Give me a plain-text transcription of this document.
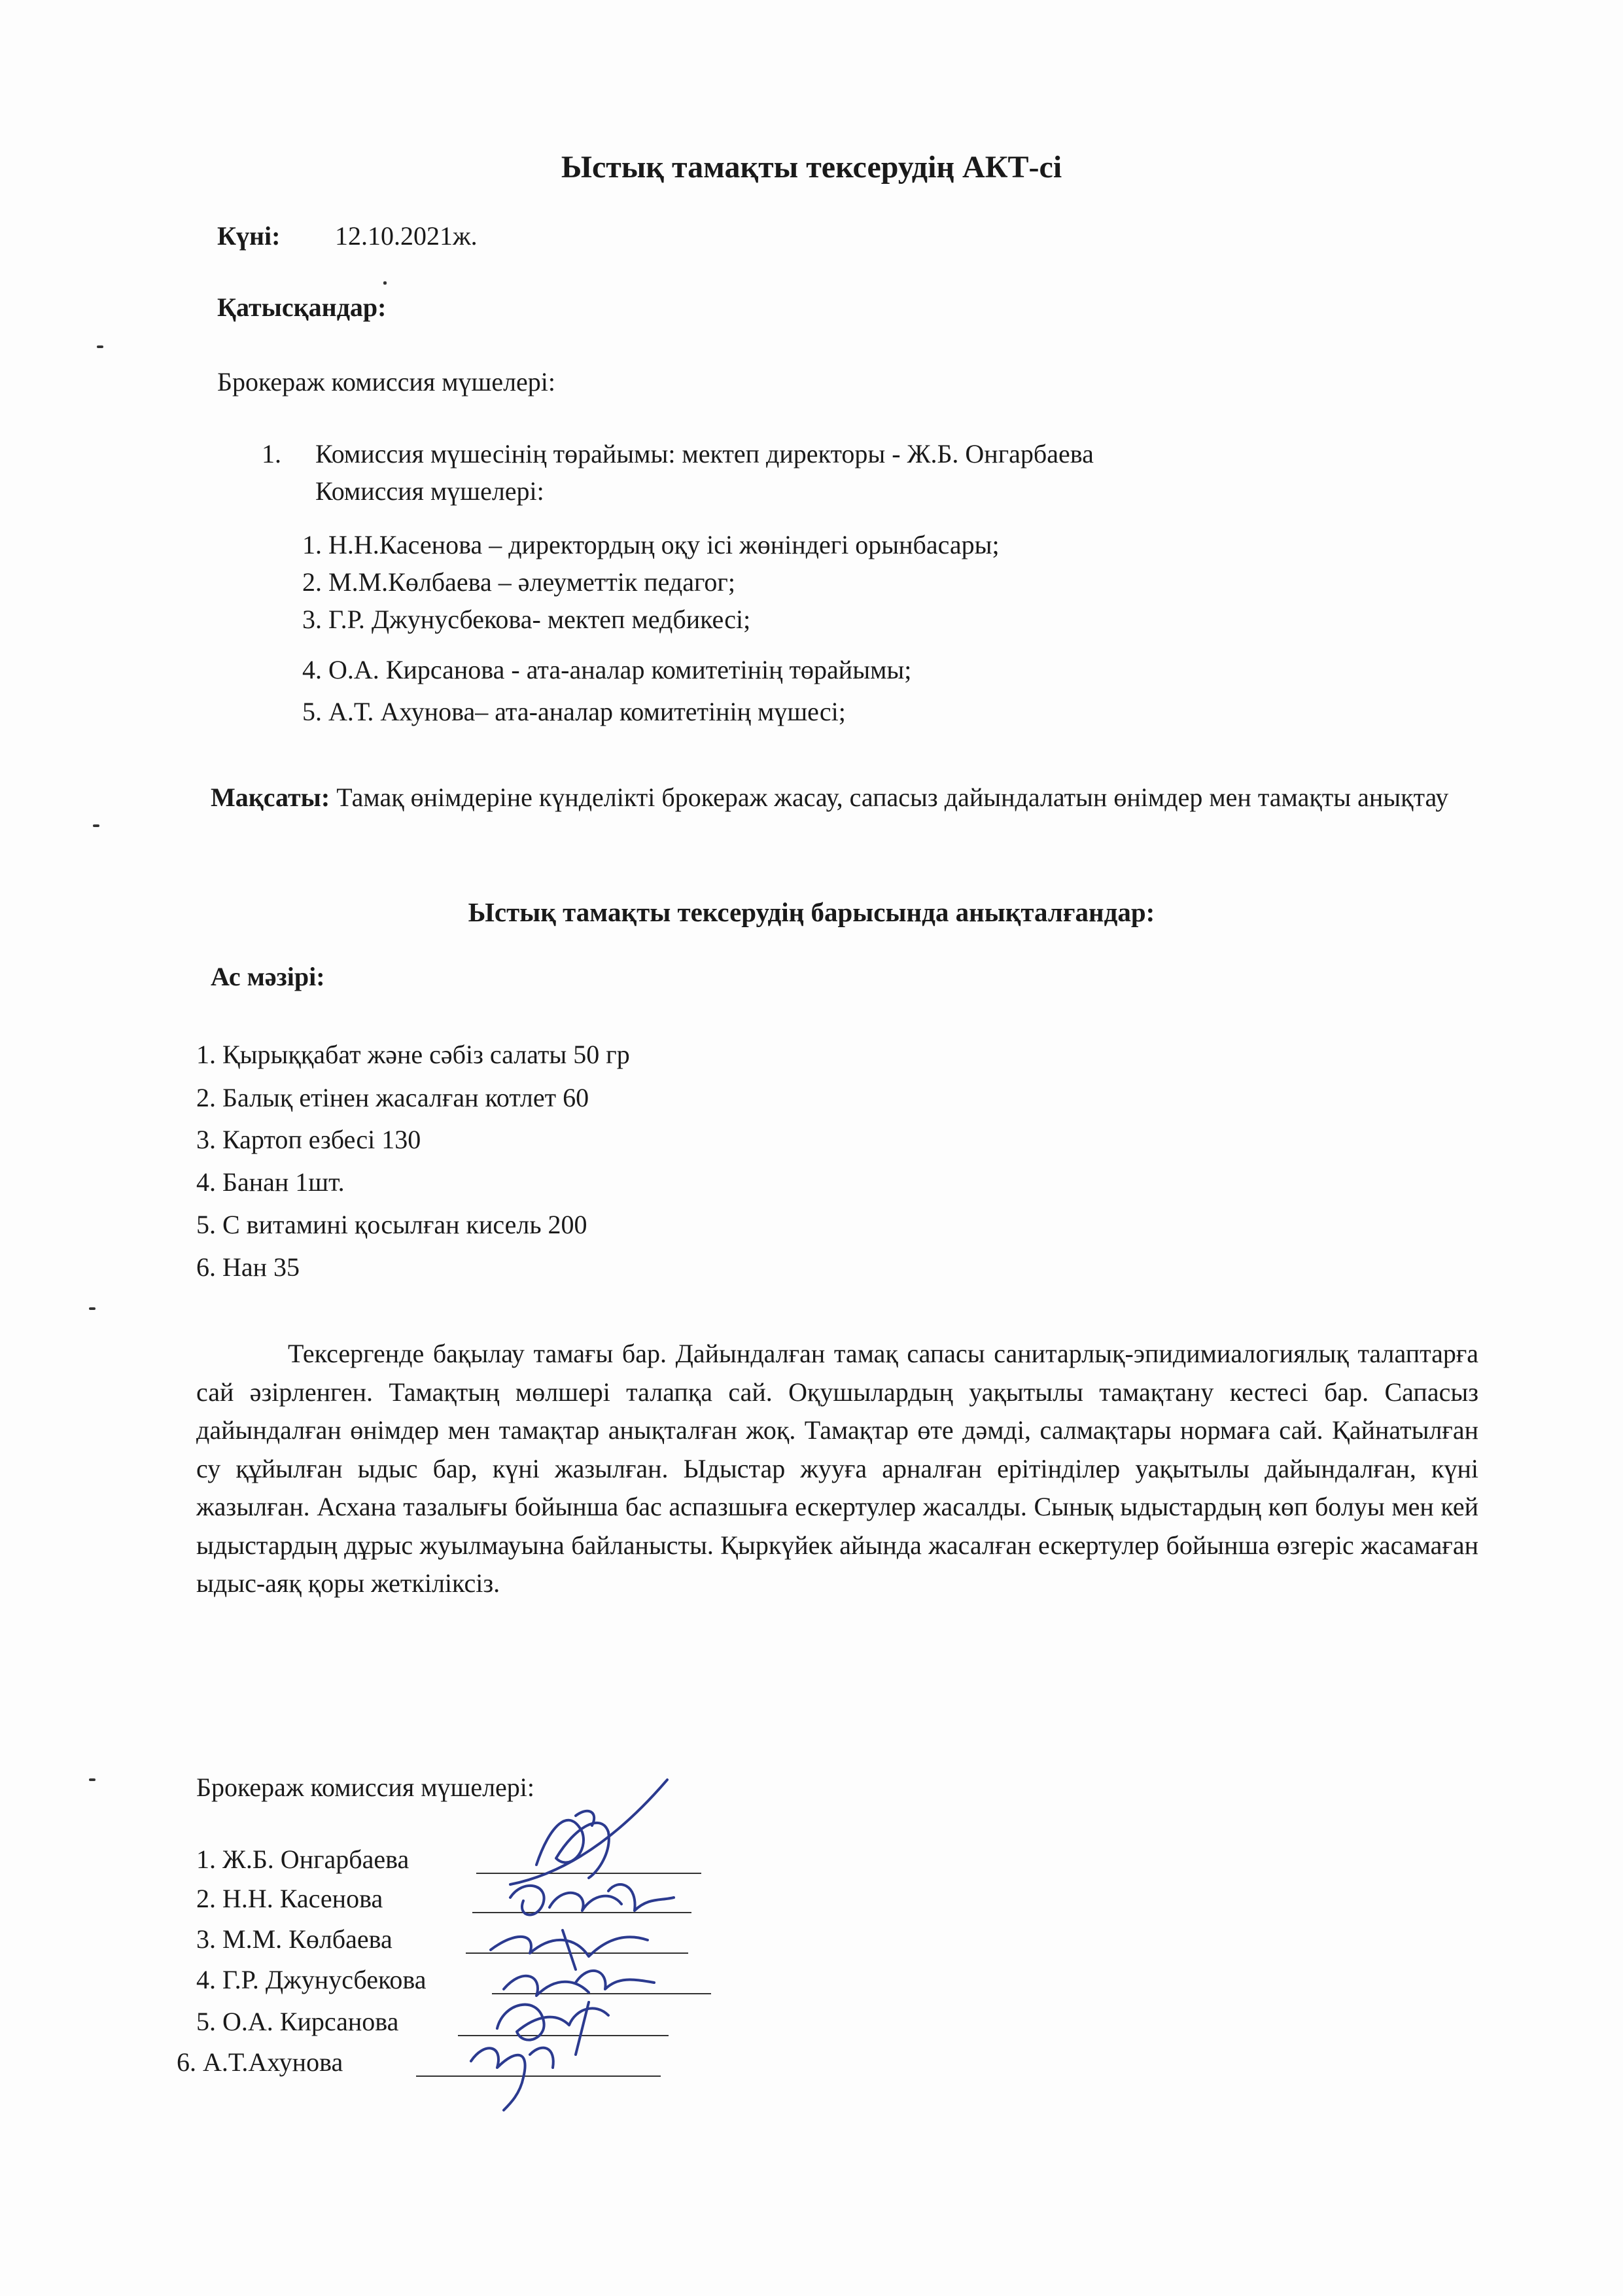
Ыстық тамақты тексерудің АКТ-сі
Күні: 12.10.2021ж.
Қатысқандар:
Брокераж комиссия мүшелері:
1. Комиссия мүшесінің төрайымы: мектеп директоры - Ж.Б. Онгарбаева
Комиссия мүшелері:
1. Н.Н.Касенова – директордың оқу ісі жөніндегі орынбасары;
2. М.М.Көлбаева – әлеуметтік педагог;
3. Г.Р. Джунусбекова- мектеп медбикесі;
4. О.А. Кирсанова - ата-аналар комитетінің төрайымы;
5. А.Т. Ахунова– ата-аналар комитетінің мүшесі;
Мақсаты: Тамақ өнімдеріне күнделікті брокераж жасау, сапасыз дайындалатын өнімдер мен тамақты анықтау
Ыстық тамақты тексерудің барысында анықталғандар:
Ас мәзірі:
1. Қырыққабат және сәбіз салаты 50 гр
2. Балық етінен жасалған котлет 60
3. Картоп езбесі 130
4. Банан 1шт.
5. С витамині қосылған кисель 200
6. Нан 35
Тексергенде бақылау тамағы бар. Дайындалған тамақ сапасы санитарлық-эпидимиалогиялық талаптарға сай әзірленген. Тамақтың мөлшері талапқа сай. Оқушылардың уақытылы тамақтану кестесі бар. Сапасыз дайындалған өнімдер мен тамақтар анықталған жоқ. Тамақтар өте дәмді, салмақтары нормаға сай. Қайнатылған су құйылған ыдыс бар, күні жазылған. Ыдыстар жууға арналған ерітінділер уақытылы дайындалған, күні жазылған. Асхана тазалығы бойынша бас аспазшыға ескертулер жасалды. Сынық ыдыстардың көп болуы мен кей ыдыстардың дұрыс жуылмауына байланысты. Қыркүйек айында жасалған ескертулер бойынша өзгеріс жасамаған ыдыс-аяқ қоры жеткіліксіз.
Брокераж комиссия мүшелері:
1. Ж.Б. Онгарбаева
2. Н.Н. Касенова
3. М.М. Көлбаева
4. Г.Р. Джунусбекова
5. О.А. Кирсанова
6. А.Т.Ахунова
